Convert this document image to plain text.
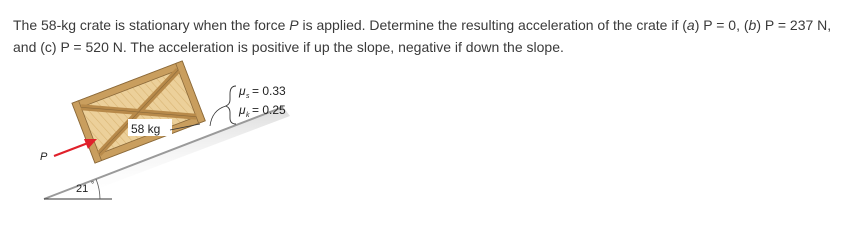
The 58-kg crate is stationary when the force P is applied. Determine the resulting acceleration of the crate if (a) P = 0, (b) P = 237 N,
and (c) P = 520 N. The acceleration is positive if up the slope, negative if down the slope.

58 kg
P
21 °
μ s = 0.33
μ k = 0.25
